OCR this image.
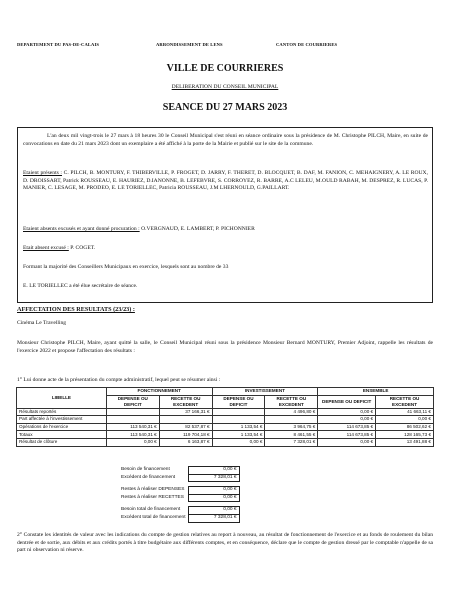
DEPARTEMENT DU PAS-DE-CALAIS	ARRONDISSEMENT DE LENS	CANTON DE COURRIERES
VILLE DE COURRIERES
DELIBERATION DU CONSEIL MUNICIPAL
SEANCE DU 27 MARS 2023
L'an deux mil vingt-trois le 27 mars à 18 heures 30 le Conseil Municipal s'est réuni en séance ordinaire sous la présidence de M. Christophe PILCH, Maire, en suite de convocations en date du 21 mars 2023 dont un exemplaire a été affiché à la porte de la Mairie et publié sur le site de la commune.
Etaient présents : C. PILCH, B. MONTURY, F. THIBERVILLE, P. FROGET, D. JARRY, F. THERET, D. BLOCQUET, B. DAF, M. FANION, C. MEHAIGNERY, A. LE ROUX, D. DROISSART, Patrick ROUSSEAU, E. HAURIEZ, D.IANONNE, B. LEFEBVRE, S. CORROYEZ, R. BARRE, A.C LELEU, M.OULD RABAH, M. DESPREZ, R. LUCAS, P. MANIER, C. LESAGE, M. PRODEO, E. LE TORIELLEC, Patricia ROUSSEAU, J.M LHERNOULD, G.PAILLART.
Etaient absents excusés et ayant donné procuration : O.VERGNAUD, E. LAMBERT, P. PICHONNIER
Etait absent excusé : P. COGET.
Formant la majorité des Conseillers Municipaux en exercice, lesquels sont au nombre de 33
E. LE TORIELLEC a été élue secrétaire de séance.
AFFECTATION DES RESULTATS (23/23) :
Cinéma Le Travelling
Monsieur Christophe PILCH, Maire, ayant quitté la salle, le Conseil Municipal réuni sous la présidence Monsieur Bernard MONTURY, Premier Adjoint, rappelle les résultats de l'exercice 2022 et propose l'affectation des résultats :
1° Lui donne acte de la présentation du compte administratif, lequel peut se résumer ainsi :
LIBELLE	FONCTIONNEMENT		INVESTISSEMENT		ENSEMBLE	
	DEPENSE OU DEFICIT	RECETTE OU EXCEDENT	DEPENSE OU DEFICIT	RECETTE OU EXCEDENT	DEPENSE OU DEFICIT	RECETTE OU EXCEDENT
Résultats reportés		37 166,31 €		4 496,80 €	0,00 €	41 663,11 €
Part affectée à l'investissement					0,00 €	0,00 €
Opérations de l'exercice	113 540,31 €	82 537,87 €	1 133,54 €	3 964,75 €	114 673,85 €	86 502,62 €
Totaux	113 540,31 €	119 704,18 €	1 133,54 €	8 461,55 €	114 673,85 €	128 165,73 €
Résultat de clôture	0,00 €	6 163,87 €	0,00 €	7 328,01 €	0,00 €	13 491,88 €
Besoin de financement	0,00 €
Excédent de financement	7 328,01 €

Restes à réaliser DEPENSES	0,00 €
Restes à réaliser RECETTES	0,00 €

Besoin total de financement	0,00 €
Excédent total de financement	7 328,01 €
2° Constate les identités de valeur avec les indications du compte de gestion relatives au report à nouveau, au résultat de fonctionnement de l'exercice et au fonds de roulement du bilan dentrée et de sortie, aux débits et aux crédits portés à titre budgétaire aux différents comptes, et en conséquence, déclare que le compte de gestion dressé par le comptable n'appelle de sa part ni observation ni réserve.
